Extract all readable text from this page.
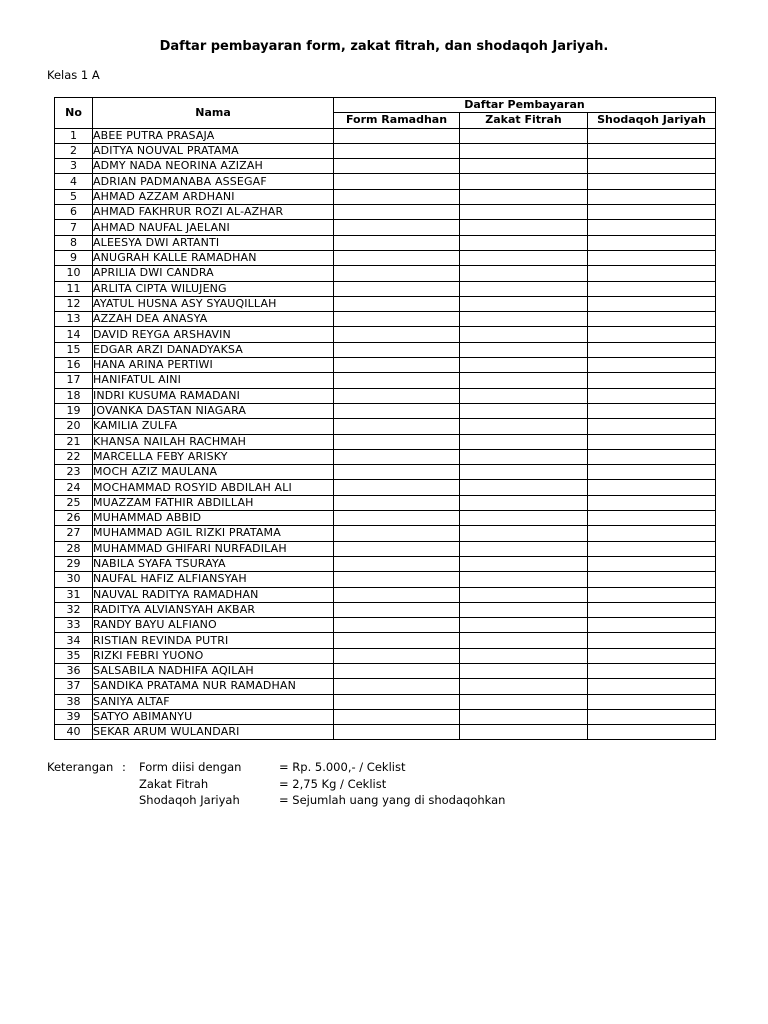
Daftar pembayaran form, zakat fitrah, dan shodaqoh Jariyah.
Kelas 1 A
No	Nama	Daftar Pembayaran		
		Form Ramadhan	Zakat Fitrah	Shodaqoh Jariyah
1	ABEE PUTRA PRASAJA			
2	ADITYA NOUVAL PRATAMA			
3	ADMY NADA NEORINA AZIZAH			
4	ADRIAN PADMANABA ASSEGAF			
5	AHMAD AZZAM ARDHANI			
6	AHMAD FAKHRUR ROZI AL-AZHAR			
7	AHMAD NAUFAL JAELANI			
8	ALEESYA DWI ARTANTI			
9	ANUGRAH KALLE RAMADHAN			
10	APRILIA DWI CANDRA			
11	ARLITA CIPTA WILUJENG			
12	AYATUL HUSNA ASY SYAUQILLAH			
13	AZZAH DEA ANASYA			
14	DAVID REYGA ARSHAVIN			
15	EDGAR ARZI DANADYAKSA			
16	HANA ARINA PERTIWI			
17	HANIFATUL AINI			
18	INDRI KUSUMA RAMADANI			
19	JOVANKA DASTAN NIAGARA			
20	KAMILIA ZULFA			
21	KHANSA NAILAH RACHMAH			
22	MARCELLA FEBY ARISKY			
23	MOCH AZIZ MAULANA			
24	MOCHAMMAD ROSYID ABDILAH ALI			
25	MUAZZAM FATHIR ABDILLAH			
26	MUHAMMAD ABBID			
27	MUHAMMAD AGIL RIZKI PRATAMA			
28	MUHAMMAD GHIFARI NURFADILAH			
29	NABILA SYAFA TSURAYA			
30	NAUFAL HAFIZ ALFIANSYAH			
31	NAUVAL RADITYA RAMADHAN			
32	RADITYA ALVIANSYAH AKBAR			
33	RANDY BAYU ALFIANO			
34	RISTIAN REVINDA PUTRI			
35	RIZKI FEBRI YUONO			
36	SALSABILA NADHIFA AQILAH			
37	SANDIKA PRATAMA NUR RAMADHAN			
38	SANIYA ALTAF			
39	SATYO ABIMANYU			
40	SEKAR ARUM WULANDARI			
Keterangan : Form diisi dengan	= Rp. 5.000,- / Ceklist
Zakat Fitrah	= 2,75 Kg / Ceklist
Shodaqoh Jariyah	= Sejumlah uang yang di shodaqohkan
